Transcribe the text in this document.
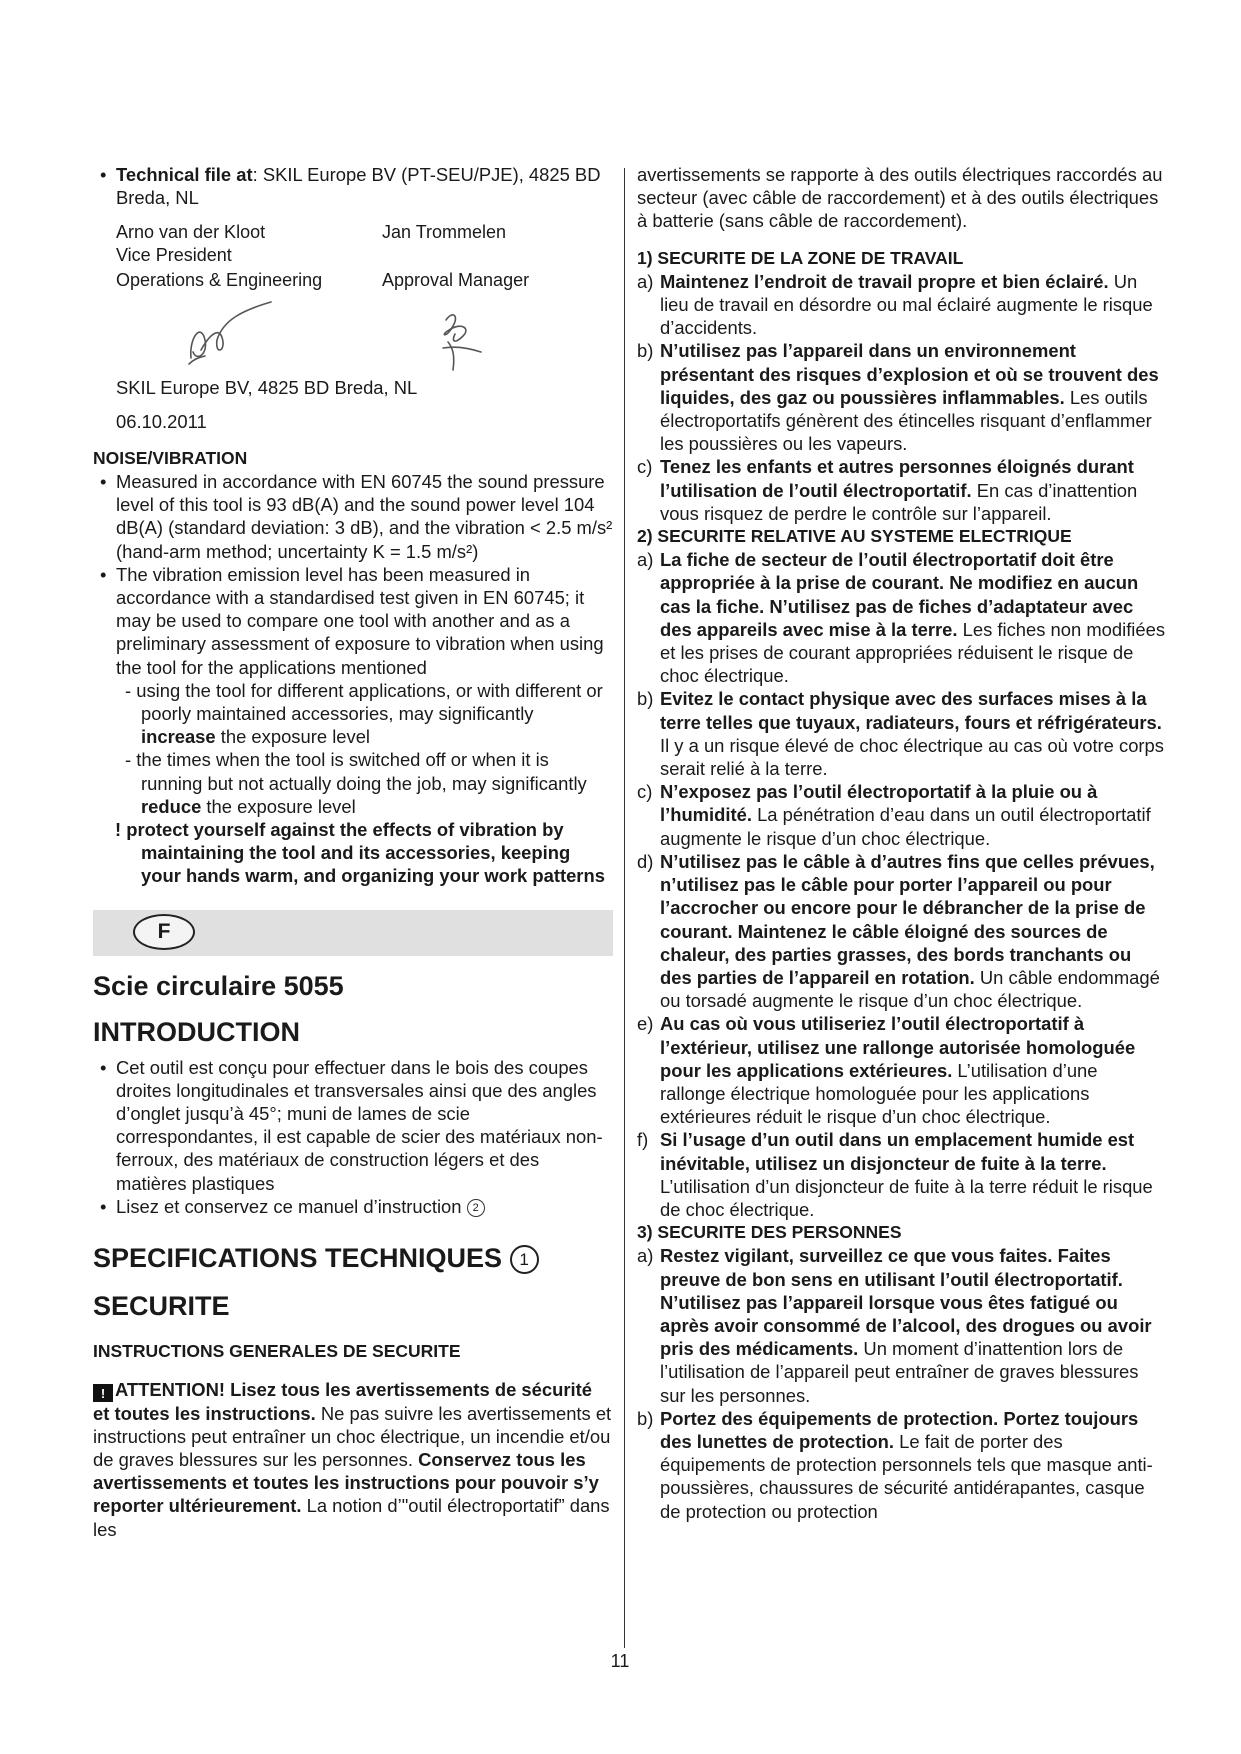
• Technical file at: SKIL Europe BV (PT-SEU/PJE), 4825 BD Breda, NL
Arno van der Kloot	Jan Trommelen
Vice President
Operations & Engineering	Approval Manager
SKIL Europe BV, 4825 BD Breda, NL
06.10.2011
NOISE/VIBRATION
• Measured in accordance with EN 60745 the sound pressure level of this tool is 93 dB(A) and the sound power level 104 dB(A) (standard deviation: 3 dB), and the vibration < 2.5 m/s² (hand-arm method; uncertainty K = 1.5 m/s²)
• The vibration emission level has been measured in accordance with a standardised test given in EN 60745; it may be used to compare one tool with another and as a preliminary assessment of exposure to vibration when using the tool for the applications mentioned
- using the tool for different applications, or with different or poorly maintained accessories, may significantly increase the exposure level
- the times when the tool is switched off or when it is running but not actually doing the job, may significantly reduce the exposure level
! protect yourself against the effects of vibration by maintaining the tool and its accessories, keeping your hands warm, and organizing your work patterns
F
Scie circulaire 5055
INTRODUCTION
• Cet outil est conçu pour effectuer dans le bois des coupes droites longitudinales et transversales ainsi que des angles d’onglet jusqu’à 45°; muni de lames de scie correspondantes, il est capable de scier des matériaux non-ferroux, des matériaux de construction légers et des matières plastiques
• Lisez et conservez ce manuel d’instruction 2
SPECIFICATIONS TECHNIQUES 1
SECURITE
INSTRUCTIONS GENERALES DE SECURITE
! ATTENTION! Lisez tous les avertissements de sécurité et toutes les instructions. Ne pas suivre les avertissements et instructions peut entraîner un choc électrique, un incendie et/ou de graves blessures sur les personnes. Conservez tous les avertissements et toutes les instructions pour pouvoir s’y reporter ultérieurement. La notion d’"outil électroportatif” dans les
avertissements se rapporte à des outils électriques raccordés au secteur (avec câble de raccordement) et à des outils électriques à batterie (sans câble de raccordement).
1) SECURITE DE LA ZONE DE TRAVAIL
a) Maintenez l’endroit de travail propre et bien éclairé. Un lieu de travail en désordre ou mal éclairé augmente le risque d’accidents.
b) N’utilisez pas l’appareil dans un environnement présentant des risques d’explosion et où se trouvent des liquides, des gaz ou poussières inflammables. Les outils électroportatifs génèrent des étincelles risquant d’enflammer les poussières ou les vapeurs.
c) Tenez les enfants et autres personnes éloignés durant l’utilisation de l’outil électroportatif. En cas d’inattention vous risquez de perdre le contrôle sur l’appareil.
2) SECURITE RELATIVE AU SYSTEME ELECTRIQUE
a) La fiche de secteur de l’outil électroportatif doit être appropriée à la prise de courant. Ne modifiez en aucun cas la fiche. N’utilisez pas de fiches d’adaptateur avec des appareils avec mise à la terre. Les fiches non modifiées et les prises de courant appropriées réduisent le risque de choc électrique.
b) Evitez le contact physique avec des surfaces mises à la terre telles que tuyaux, radiateurs, fours et réfrigérateurs. Il y a un risque élevé de choc électrique au cas où votre corps serait relié à la terre.
c) N’exposez pas l’outil électroportatif à la pluie ou à l’humidité. La pénétration d’eau dans un outil électroportatif augmente le risque d’un choc électrique.
d) N’utilisez pas le câble à d’autres fins que celles prévues, n’utilisez pas le câble pour porter l’appareil ou pour l’accrocher ou encore pour le débrancher de la prise de courant. Maintenez le câble éloigné des sources de chaleur, des parties grasses, des bords tranchants ou des parties de l’appareil en rotation. Un câble endommagé ou torsadé augmente le risque d’un choc électrique.
e) Au cas où vous utiliseriez l’outil électroportatif à l’extérieur, utilisez une rallonge autorisée homologuée pour les applications extérieures. L’utilisation d’une rallonge électrique homologuée pour les applications extérieures réduit le risque d’un choc électrique.
f) Si l’usage d’un outil dans un emplacement humide est inévitable, utilisez un disjoncteur de fuite à la terre. L’utilisation d’un disjoncteur de fuite à la terre réduit le risque de choc électrique.
3) SECURITE DES PERSONNES
a) Restez vigilant, surveillez ce que vous faites. Faites preuve de bon sens en utilisant l’outil électroportatif. N’utilisez pas l’appareil lorsque vous êtes fatigué ou après avoir consommé de l’alcool, des drogues ou avoir pris des médicaments. Un moment d’inattention lors de l’utilisation de l’appareil peut entraîner de graves blessures sur les personnes.
b) Portez des équipements de protection. Portez toujours des lunettes de protection. Le fait de porter des équipements de protection personnels tels que masque anti-poussières, chaussures de sécurité antidérapantes, casque de protection ou protection
11
